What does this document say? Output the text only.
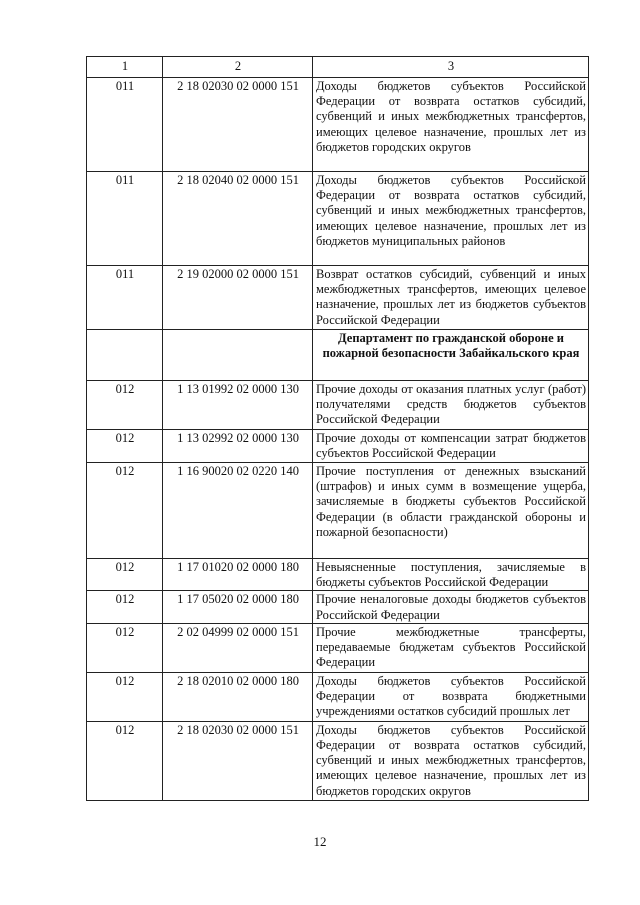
1	2	3
011	2 18 02030 02 0000 151	Доходы бюджетов субъектов Российской Федерации от возврата остатков субсидий, субвенций и иных межбюджетных трансфертов, имеющих целевое назначение, прошлых лет из бюджетов городских округов
011	2 18 02040 02 0000 151	Доходы бюджетов субъектов Российской Федерации от возврата остатков субсидий, субвенций и иных межбюджетных трансфертов, имеющих целевое назначение, прошлых лет из бюджетов муниципальных районов
011	2 19 02000 02 0000 151	Возврат остатков субсидий, субвенций и иных межбюджетных трансфертов, имеющих целевое назначение, прошлых лет из бюджетов субъектов Российской Федерации
		Департамент по гражданской обороне и пожарной безопасности Забайкальского края
012	1 13 01992 02 0000 130	Прочие доходы от оказания платных услуг (работ) получателями средств бюджетов субъектов Российской Федерации
012	1 13 02992 02 0000 130	Прочие доходы от компенсации затрат бюджетов субъектов Российской Федерации
012	1 16 90020 02 0220 140	Прочие поступления от денежных взысканий (штрафов) и иных сумм в возмещение ущерба, зачисляемые в бюджеты субъектов Российской Федерации (в области гражданской обороны и пожарной безопасности)
012	1 17 01020 02 0000 180	Невыясненные поступления, зачисляемые в бюджеты субъектов Российской Федерации
012	1 17 05020 02 0000 180	Прочие неналоговые доходы бюджетов субъектов Российской Федерации
012	2 02 04999 02 0000 151	Прочие межбюджетные трансферты, передаваемые бюджетам субъектов Российской Федерации
012	2 18 02010 02 0000 180	Доходы бюджетов субъектов Российской Федерации от возврата бюджетными учреждениями остатков субсидий прошлых лет
012	2 18 02030 02 0000 151	Доходы бюджетов субъектов Российской Федерации от возврата остатков субсидий, субвенций и иных межбюджетных трансфертов, имеющих целевое назначение, прошлых лет из бюджетов городских округов
12
